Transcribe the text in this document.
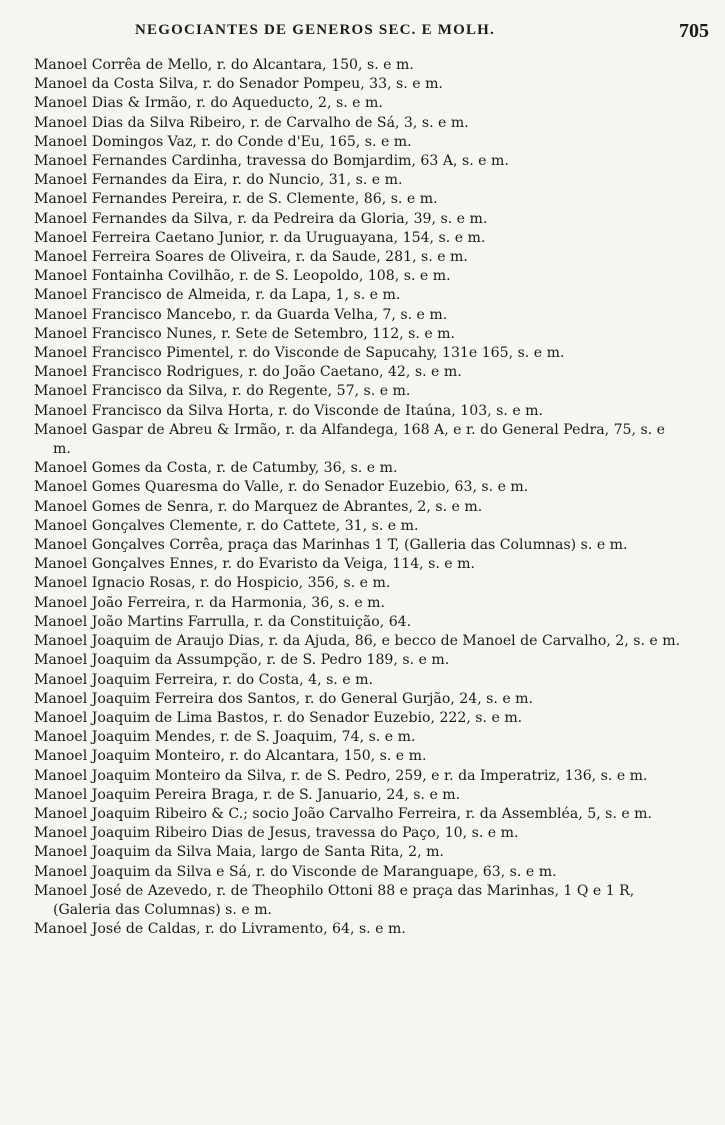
NEGOCIANTES DE GENEROS SEC. E MOLH.	705
Manoel Corrêa de Mello, r. do Alcantara, 150, s. e m.
Manoel da Costa Silva, r. do Senador Pompeu, 33, s. e m.
Manoel Dias & Irmão, r. do Aqueducto, 2, s. e m.
Manoel Dias da Silva Ribeiro, r. de Carvalho de Sá, 3, s. e m.
Manoel Domingos Vaz, r. do Conde d'Eu, 165, s. e m.
Manoel Fernandes Cardinha, travessa do Bomjardim, 63 A, s. e m.
Manoel Fernandes da Eira, r. do Nuncio, 31, s. e m.
Manoel Fernandes Pereira, r. de S. Clemente, 86, s. e m.
Manoel Fernandes da Silva, r. da Pedreira da Gloria, 39, s. e m.
Manoel Ferreira Caetano Junior, r. da Uruguayana, 154, s. e m.
Manoel Ferreira Soares de Oliveira, r. da Saude, 281, s. e m.
Manoel Fontainha Covilhão, r. de S. Leopoldo, 108, s. e m.
Manoel Francisco de Almeida, r. da Lapa, 1, s. e m.
Manoel Francisco Mancebo, r. da Guarda Velha, 7, s. e m.
Manoel Francisco Nunes, r. Sete de Setembro, 112, s. e m.
Manoel Francisco Pimentel, r. do Visconde de Sapucahy, 131e 165, s. e m.
Manoel Francisco Rodrigues, r. do João Caetano, 42, s. e m.
Manoel Francisco da Silva, r. do Regente, 57, s. e m.
Manoel Francisco da Silva Horta, r. do Visconde de Itaúna, 103, s. e m.
Manoel Gaspar de Abreu & Irmão, r. da Alfandega, 168 A, e r. do General Pedra, 75, s. e m.
Manoel Gomes da Costa, r. de Catumby, 36, s. e m.
Manoel Gomes Quaresma do Valle, r. do Senador Euzebio, 63, s. e m.
Manoel Gomes de Senra, r. do Marquez de Abrantes, 2, s. e m.
Manoel Gonçalves Clemente, r. do Cattete, 31, s. e m.
Manoel Gonçalves Corrêa, praça das Marinhas 1 T, (Galleria das Columnas) s. e m.
Manoel Gonçalves Ennes, r. do Evaristo da Veiga, 114, s. e m.
Manoel Ignacio Rosas, r. do Hospicio, 356, s. e m.
Manoel João Ferreira, r. da Harmonia, 36, s. e m.
Manoel João Martins Farrulla, r. da Constituição, 64.
Manoel Joaquim de Araujo Dias, r. da Ajuda, 86, e becco de Manoel de Carvalho, 2, s. e m.
Manoel Joaquim da Assumpção, r. de S. Pedro 189, s. e m.
Manoel Joaquim Ferreira, r. do Costa, 4, s. e m.
Manoel Joaquim Ferreira dos Santos, r. do General Gurjão, 24, s. e m.
Manoel Joaquim de Lima Bastos, r. do Senador Euzebio, 222, s. e m.
Manoel Joaquim Mendes, r. de S. Joaquim, 74, s. e m.
Manoel Joaquim Monteiro, r. do Alcantara, 150, s. e m.
Manoel Joaquim Monteiro da Silva, r. de S. Pedro, 259, e r. da Imperatriz, 136, s. e m.
Manoel Joaquim Pereira Braga, r. de S. Januario, 24, s. e m.
Manoel Joaquim Ribeiro & C.; socio João Carvalho Ferreira, r. da Assembléa, 5, s. e m.
Manoel Joaquim Ribeiro Dias de Jesus, travessa do Paço, 10, s. e m.
Manoel Joaquim da Silva Maia, largo de Santa Rita, 2, m.
Manoel Joaquim da Silva e Sá, r. do Visconde de Maranguape, 63, s. e m.
Manoel José de Azevedo, r. de Theophilo Ottoni 88 e praça das Marinhas, 1 Q e 1 R, (Galeria das Columnas) s. e m.
Manoel José de Caldas, r. do Livramento, 64, s. e m.
